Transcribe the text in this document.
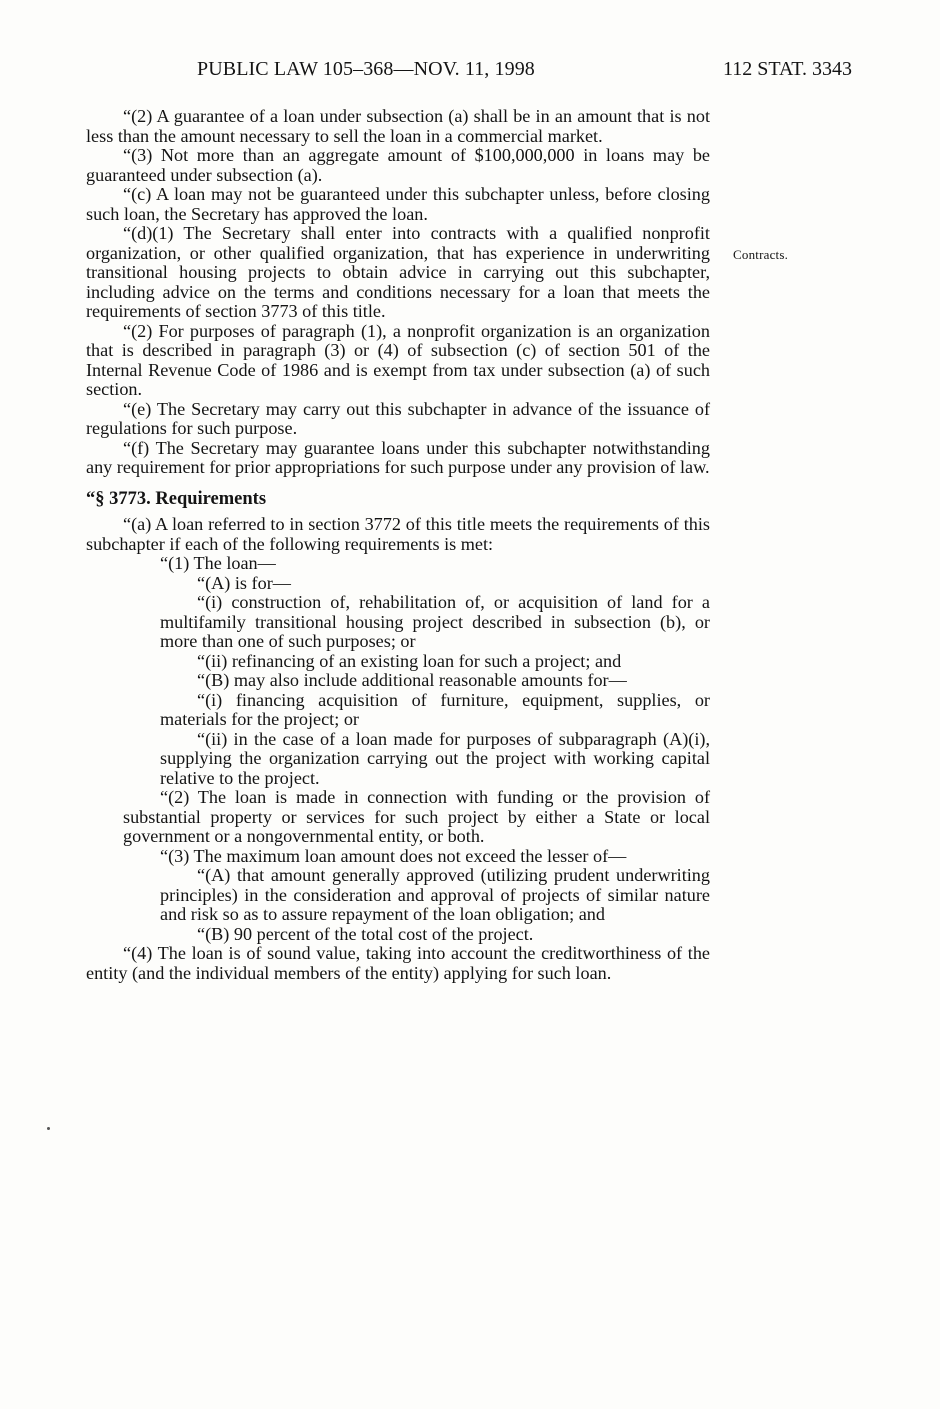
PUBLIC LAW 105–368—NOV. 11, 1998	112 STAT. 3343
Contracts.

“(2) A guarantee of a loan under subsection (a) shall be in an amount that is not less than the amount necessary to sell the loan in a commercial market.

“(3) Not more than an aggregate amount of $100,000,000 in loans may be guaranteed under subsection (a).

“(c) A loan may not be guaranteed under this subchapter unless, before closing such loan, the Secretary has approved the loan.

“(d)(1) The Secretary shall enter into contracts with a qualified nonprofit organization, or other qualified organization, that has experience in underwriting transitional housing projects to obtain advice in carrying out this subchapter, including advice on the terms and conditions necessary for a loan that meets the requirements of section 3773 of this title.

“(2) For purposes of paragraph (1), a nonprofit organization is an organization that is described in paragraph (3) or (4) of subsection (c) of section 501 of the Internal Revenue Code of 1986 and is exempt from tax under subsection (a) of such section.

“(e) The Secretary may carry out this subchapter in advance of the issuance of regulations for such purpose.

“(f) The Secretary may guarantee loans under this subchapter notwithstanding any requirement for prior appropriations for such purpose under any provision of law.

“§ 3773. Requirements

“(a) A loan referred to in section 3772 of this title meets the requirements of this subchapter if each of the following requirements is met:

“(1) The loan—

“(A) is for—

“(i) construction of, rehabilitation of, or acquisition of land for a multifamily transitional housing project described in subsection (b), or more than one of such purposes; or

“(ii) refinancing of an existing loan for such a project; and

“(B) may also include additional reasonable amounts for—

“(i) financing acquisition of furniture, equipment, supplies, or materials for the project; or

“(ii) in the case of a loan made for purposes of subparagraph (A)(i), supplying the organization carrying out the project with working capital relative to the project.

“(2) The loan is made in connection with funding or the provision of substantial property or services for such project by either a State or local government or a nongovernmental entity, or both.

“(3) The maximum loan amount does not exceed the lesser of—

“(A) that amount generally approved (utilizing prudent underwriting principles) in the consideration and approval of projects of similar nature and risk so as to assure repayment of the loan obligation; and

“(B) 90 percent of the total cost of the project.

“(4) The loan is of sound value, taking into account the creditworthiness of the entity (and the individual members of the entity) applying for such loan.
